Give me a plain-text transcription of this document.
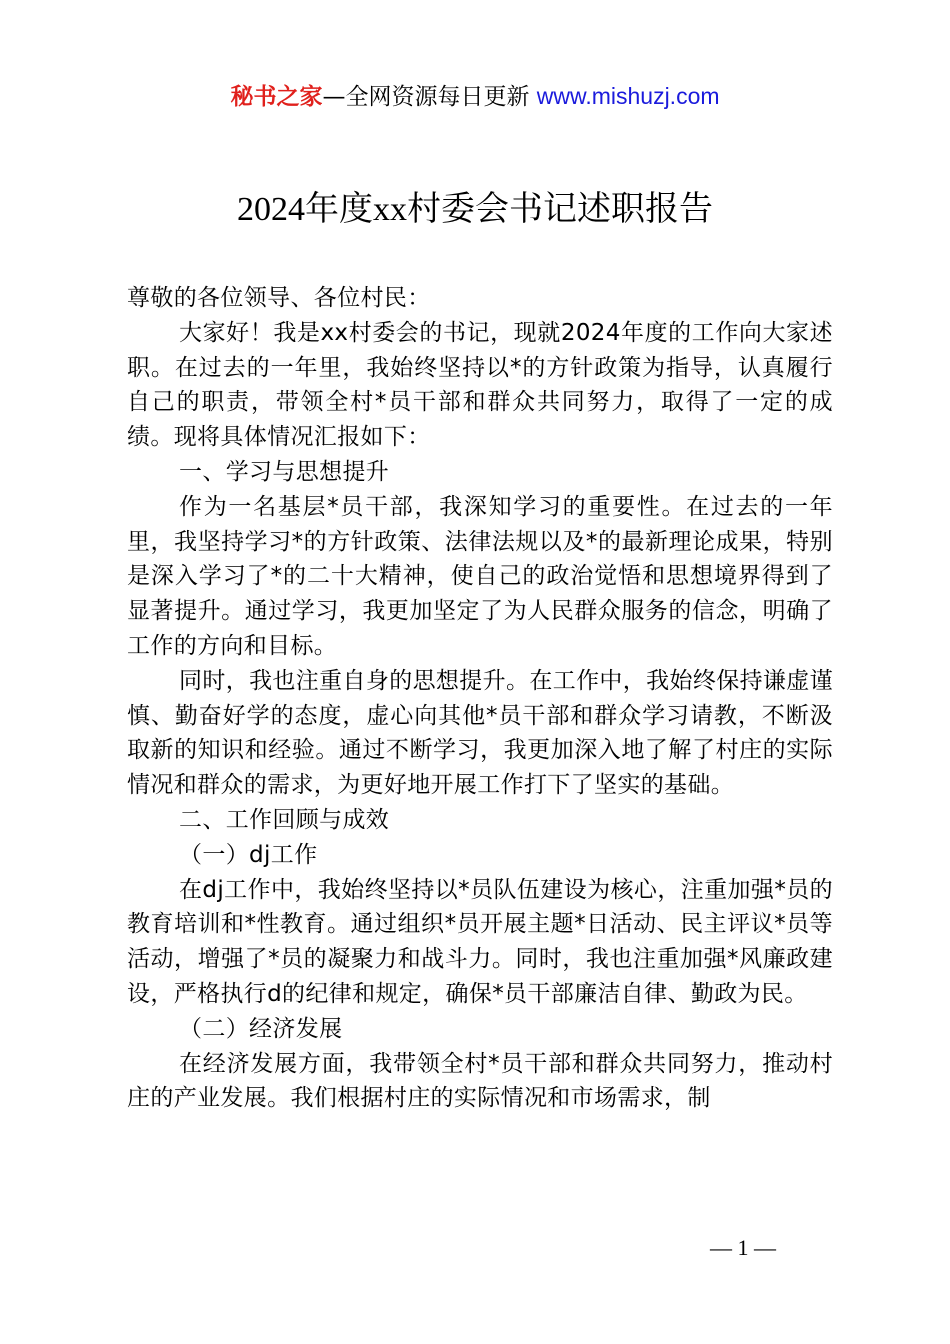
秘书之家—全网资源每日更新 www.mishuzj.com
2024年度xx村委会书记述职报告

尊敬的各位领导、各位村民：

大家好！我是xx村委会的书记，现就2024年度的工作向大家述职。在过去的一年里，我始终坚持以*的方针政策为指导，认真履行自己的职责，带领全村*员干部和群众共同努力，取得了一定的成绩。现将具体情况汇报如下：

一、学习与思想提升

作为一名基层*员干部，我深知学习的重要性。在过去的一年里，我坚持学习*的方针政策、法律法规以及*的最新理论成果，特别是深入学习了*的二十大精神，使自己的政治觉悟和思想境界得到了显著提升。通过学习，我更加坚定了为人民群众服务的信念，明确了工作的方向和目标。

同时，我也注重自身的思想提升。在工作中，我始终保持谦虚谨慎、勤奋好学的态度，虚心向其他*员干部和群众学习请教，不断汲取新的知识和经验。通过不断学习，我更加深入地了解了村庄的实际情况和群众的需求，为更好地开展工作打下了坚实的基础。

二、工作回顾与成效

（一）dj工作

在dj工作中，我始终坚持以*员队伍建设为核心，注重加强*员的教育培训和*性教育。通过组织*员开展主题*日活动、民主评议*员等活动，增强了*员的凝聚力和战斗力。同时，我也注重加强*风廉政建设，严格执行d的纪律和规定，确保*员干部廉洁自律、勤政为民。

（二）经济发展

在经济发展方面，我带领全村*员干部和群众共同努力，推动村庄的产业发展。我们根据村庄的实际情况和市场需求，制

— 1 —
